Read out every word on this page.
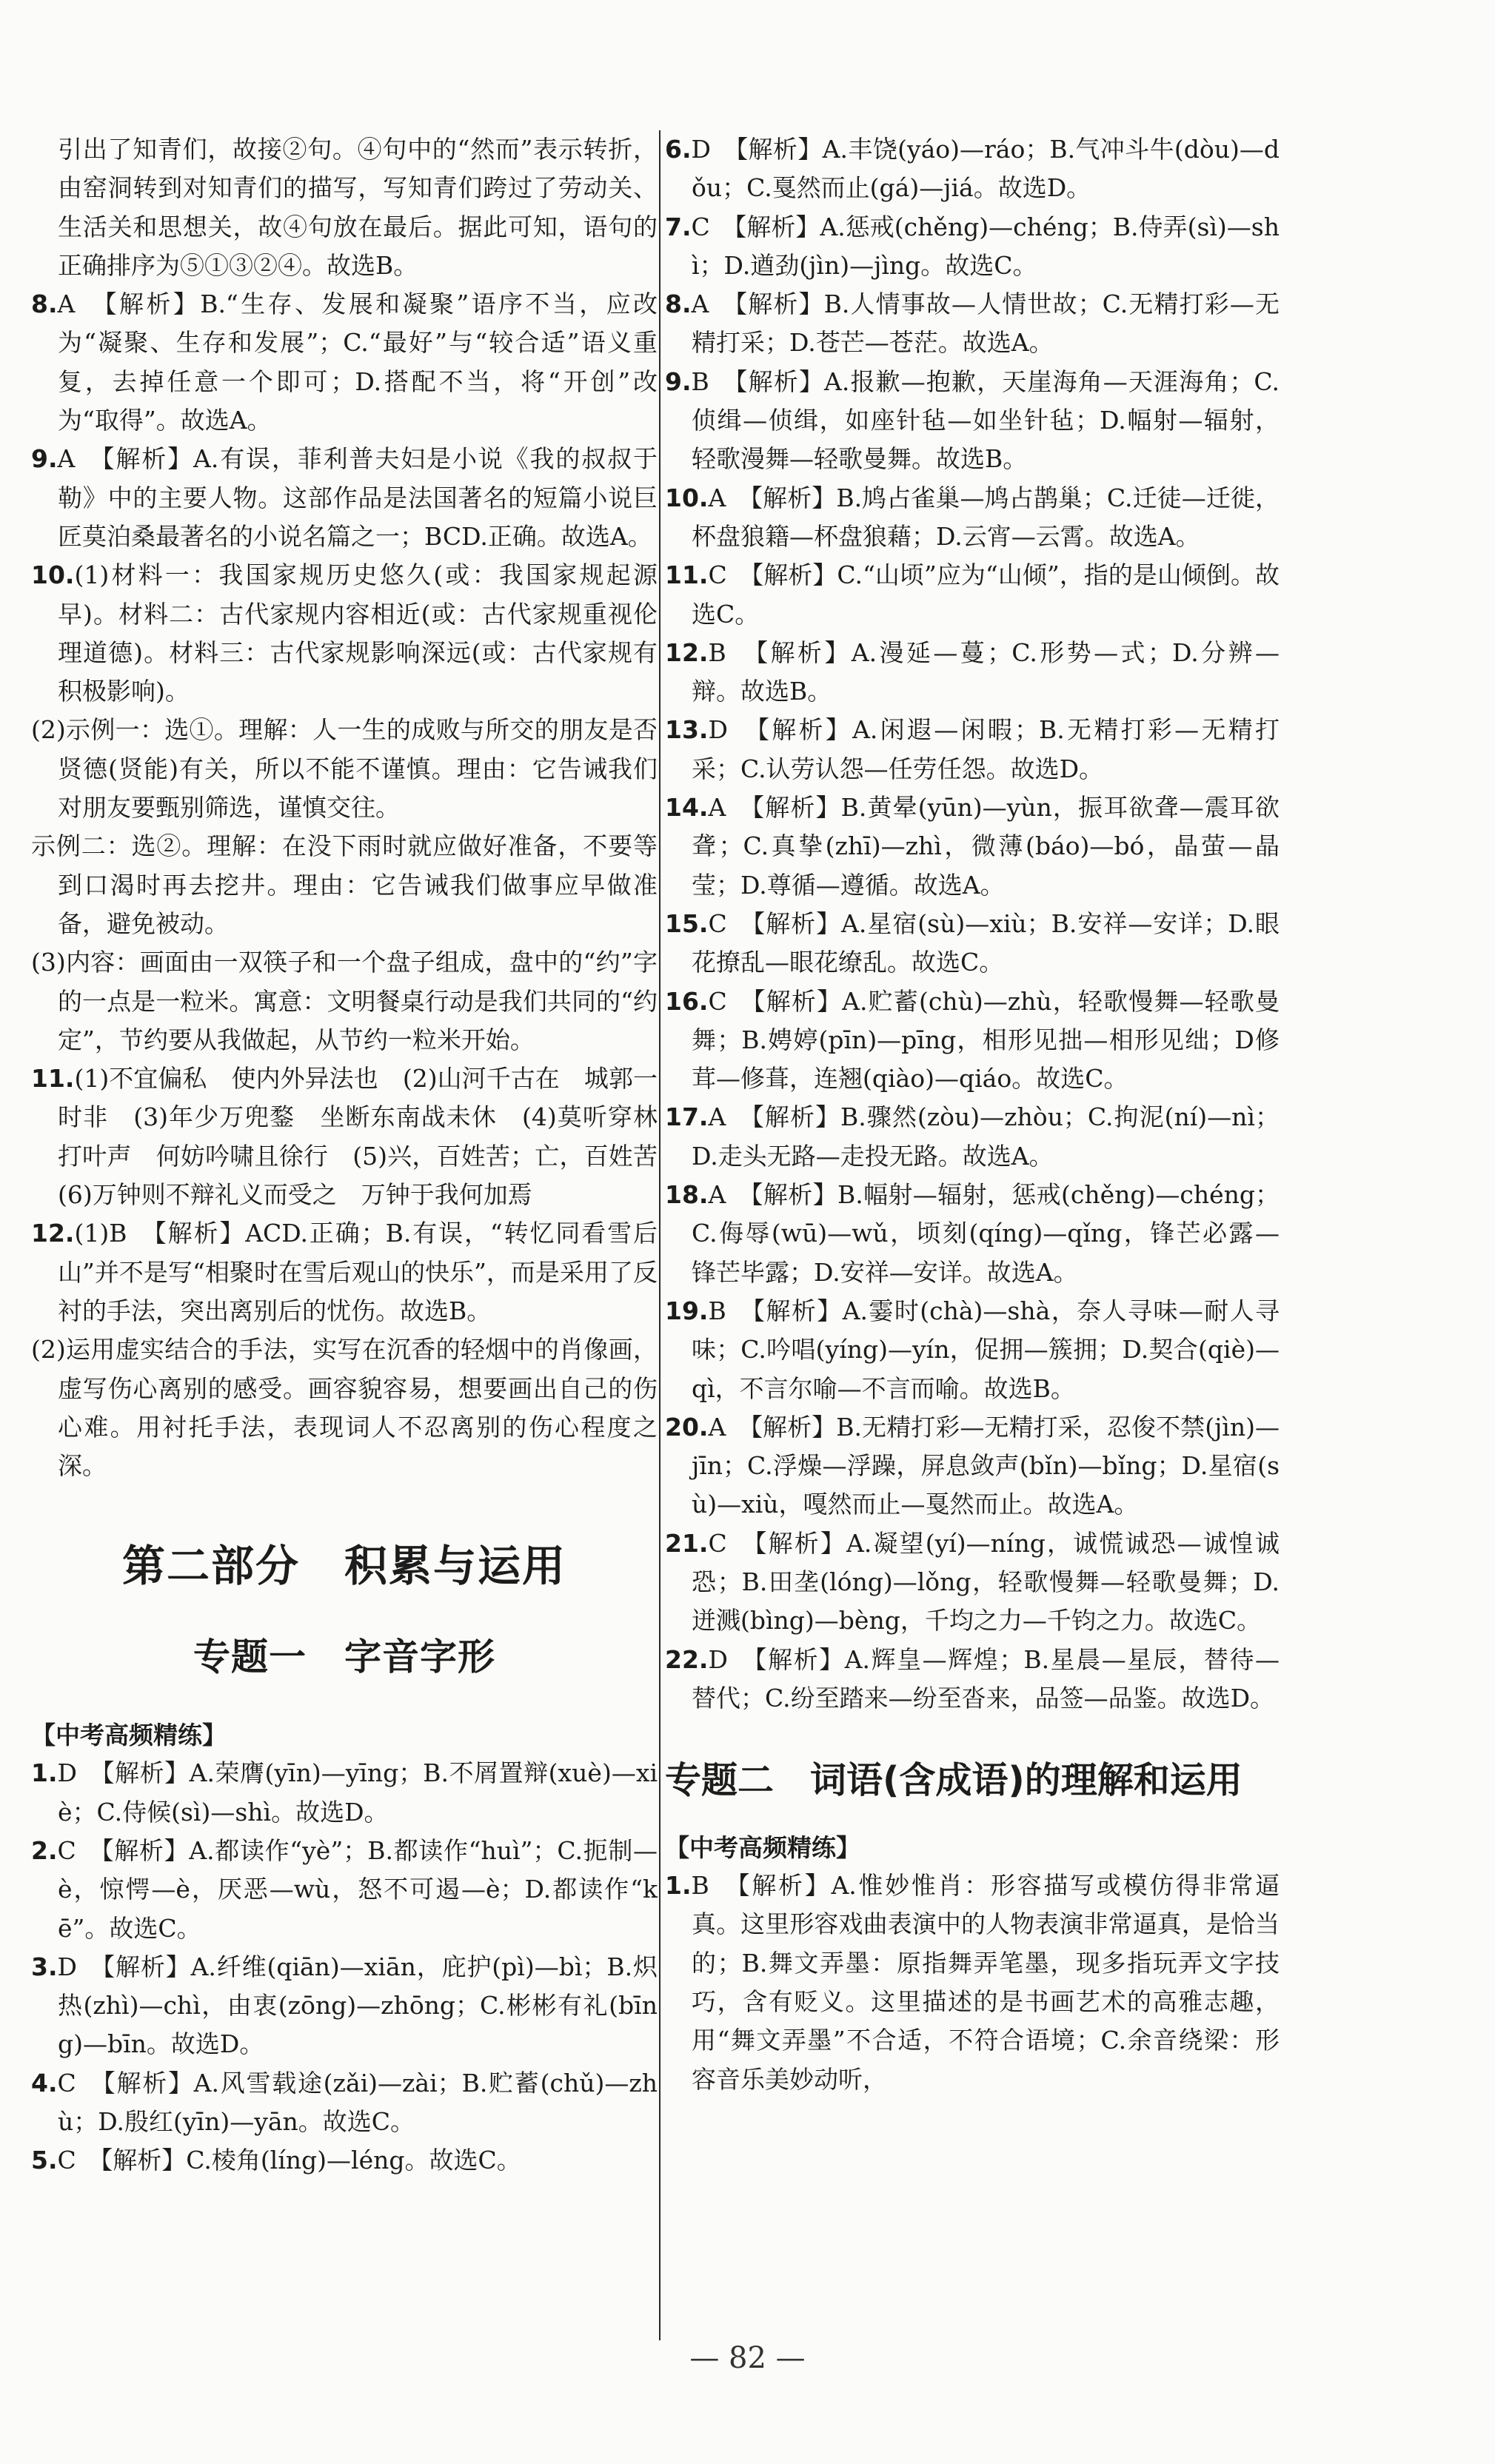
引出了知青们，故接②句。④句中的“然而”表示转折，由窑洞转到对知青们的描写，写知青们跨过了劳动关、生活关和思想关，故④句放在最后。据此可知，语句的正确排序为⑤①③②④。故选B。

8.A　【解析】B.“生存、发展和凝聚”语序不当，应改为“凝聚、生存和发展”；C.“最好”与“较合适”语义重复，去掉任意一个即可；D.搭配不当，将“开创”改为“取得”。故选A。

9.A　【解析】A.有误，菲利普夫妇是小说《我的叔叔于勒》中的主要人物。这部作品是法国著名的短篇小说巨匠莫泊桑最著名的小说名篇之一；BCD.正确。故选A。

10.(1)材料一：我国家规历史悠久(或：我国家规起源早)。材料二：古代家规内容相近(或：古代家规重视伦理道德)。材料三：古代家规影响深远(或：古代家规有积极影响)。

(2)示例一：选①。理解：人一生的成败与所交的朋友是否贤德(贤能)有关，所以不能不谨慎。理由：它告诫我们对朋友要甄别筛选，谨慎交往。

示例二：选②。理解：在没下雨时就应做好准备，不要等到口渴时再去挖井。理由：它告诫我们做事应早做准备，避免被动。

(3)内容：画面由一双筷子和一个盘子组成，盘中的“约”字的一点是一粒米。寓意：文明餐桌行动是我们共同的“约定”，节约要从我做起，从节约一粒米开始。

11.(1)不宜偏私　使内外异法也　(2)山河千古在　城郭一时非　(3)年少万兜鍪　坐断东南战未休　(4)莫听穿林打叶声　何妨吟啸且徐行　(5)兴，百姓苦；亡，百姓苦　(6)万钟则不辩礼义而受之　万钟于我何加焉

12.(1)B　【解析】ACD.正确；B.有误，“转忆同看雪后山”并不是写“相聚时在雪后观山的快乐”，而是采用了反衬的手法，突出离别后的忧伤。故选B。

(2)运用虚实结合的手法，实写在沉香的轻烟中的肖像画，虚写伤心离别的感受。画容貌容易，想要画出自己的伤心难。用衬托手法，表现词人不忍离别的伤心程度之深。

第二部分　积累与运用
专题一　字音字形
【中考高频精练】

1.D　【解析】A.荣膺(yīn)—yīng；B.不屑置辩(xuè)—xiè；C.侍候(sì)—shì。故选D。

2.C　【解析】A.都读作“yè”；B.都读作“huì”；C.扼制—è，惊愕—è，厌恶—wù，怒不可遏—è；D.都读作“kē”。故选C。

3.D　【解析】A.纤维(qiān)—xiān，庇护(pì)—bì；B.炽热(zhì)—chì，由衷(zōng)—zhōng；C.彬彬有礼(bīng)—bīn。故选D。

4.C　【解析】A.风雪载途(zǎi)—zài；B.贮蓄(chǔ)—zhù；D.殷红(yīn)—yān。故选C。

5.C　【解析】C.棱角(líng)—léng。故选C。

6.D　【解析】A.丰饶(yáo)—ráo；B.气冲斗牛(dòu)—dǒu；C.戛然而止(gá)—jiá。故选D。

7.C　【解析】A.惩戒(chěng)—chéng；B.侍弄(sì)—shì；D.遒劲(jìn)—jìng。故选C。

8.A　【解析】B.人情事故—人情世故；C.无精打彩—无精打采；D.苍芒—苍茫。故选A。

9.B　【解析】A.报歉—抱歉，天崖海角—天涯海角；C.侦缉—侦缉，如座针毡—如坐针毡；D.幅射—辐射，轻歌漫舞—轻歌曼舞。故选B。

10.A　【解析】B.鸠占雀巢—鸠占鹊巢；C.迁徒—迁徙，杯盘狼籍—杯盘狼藉；D.云宵—云霄。故选A。

11.C　【解析】C.“山顷”应为“山倾”，指的是山倾倒。故选C。

12.B　【解析】A.漫延—蔓；C.形势—式；D.分辨—辩。故选B。

13.D　【解析】A.闲遐—闲暇；B.无精打彩—无精打采；C.认劳认怨—任劳任怨。故选D。

14.A　【解析】B.黄晕(yūn)—yùn，振耳欲聋—震耳欲聋；C.真挚(zhī)—zhì，微薄(báo)—bó，晶萤—晶莹；D.尊循—遵循。故选A。

15.C　【解析】A.星宿(sù)—xiù；B.安祥—安详；D.眼花撩乱—眼花缭乱。故选C。

16.C　【解析】A.贮蓄(chù)—zhù，轻歌慢舞—轻歌曼舞；B.娉婷(pīn)—pīng，相形见拙—相形见绌；D修茸—修葺，连翘(qiào)—qiáo。故选C。

17.A　【解析】B.骤然(zòu)—zhòu；C.拘泥(ní)—nì；D.走头无路—走投无路。故选A。

18.A　【解析】B.幅射—辐射，惩戒(chěng)—chéng；C.侮辱(wū)—wǔ，顷刻(qíng)—qǐng，锋芒必露—锋芒毕露；D.安祥—安详。故选A。

19.B　【解析】A.霎时(chà)—shà，奈人寻味—耐人寻味；C.吟唱(yíng)—yín，促拥—簇拥；D.契合(qiè)—qì，不言尔喻—不言而喻。故选B。

20.A　【解析】B.无精打彩—无精打采，忍俊不禁(jìn)—jīn；C.浮燥—浮躁，屏息敛声(bǐn)—bǐng；D.星宿(sù)—xiù，嘎然而止—戛然而止。故选A。

21.C　【解析】A.凝望(yí)—níng，诚慌诚恐—诚惶诚恐；B.田垄(lóng)—lǒng，轻歌慢舞—轻歌曼舞；D.迸溅(bìng)—bèng，千均之力—千钧之力。故选C。

22.D　【解析】A.辉皇—辉煌；B.星晨—星辰，替待—替代；C.纷至踏来—纷至沓来，品签—品鉴。故选D。

专题二　词语(含成语)的理解和运用
【中考高频精练】

1.B　【解析】A.惟妙惟肖：形容描写或模仿得非常逼真。这里形容戏曲表演中的人物表演非常逼真，是恰当的；B.舞文弄墨：原指舞弄笔墨，现多指玩弄文字技巧，含有贬义。这里描述的是书画艺术的高雅志趣，用“舞文弄墨”不合适，不符合语境；C.余音绕梁：形容音乐美妙动听，

— 82 —
